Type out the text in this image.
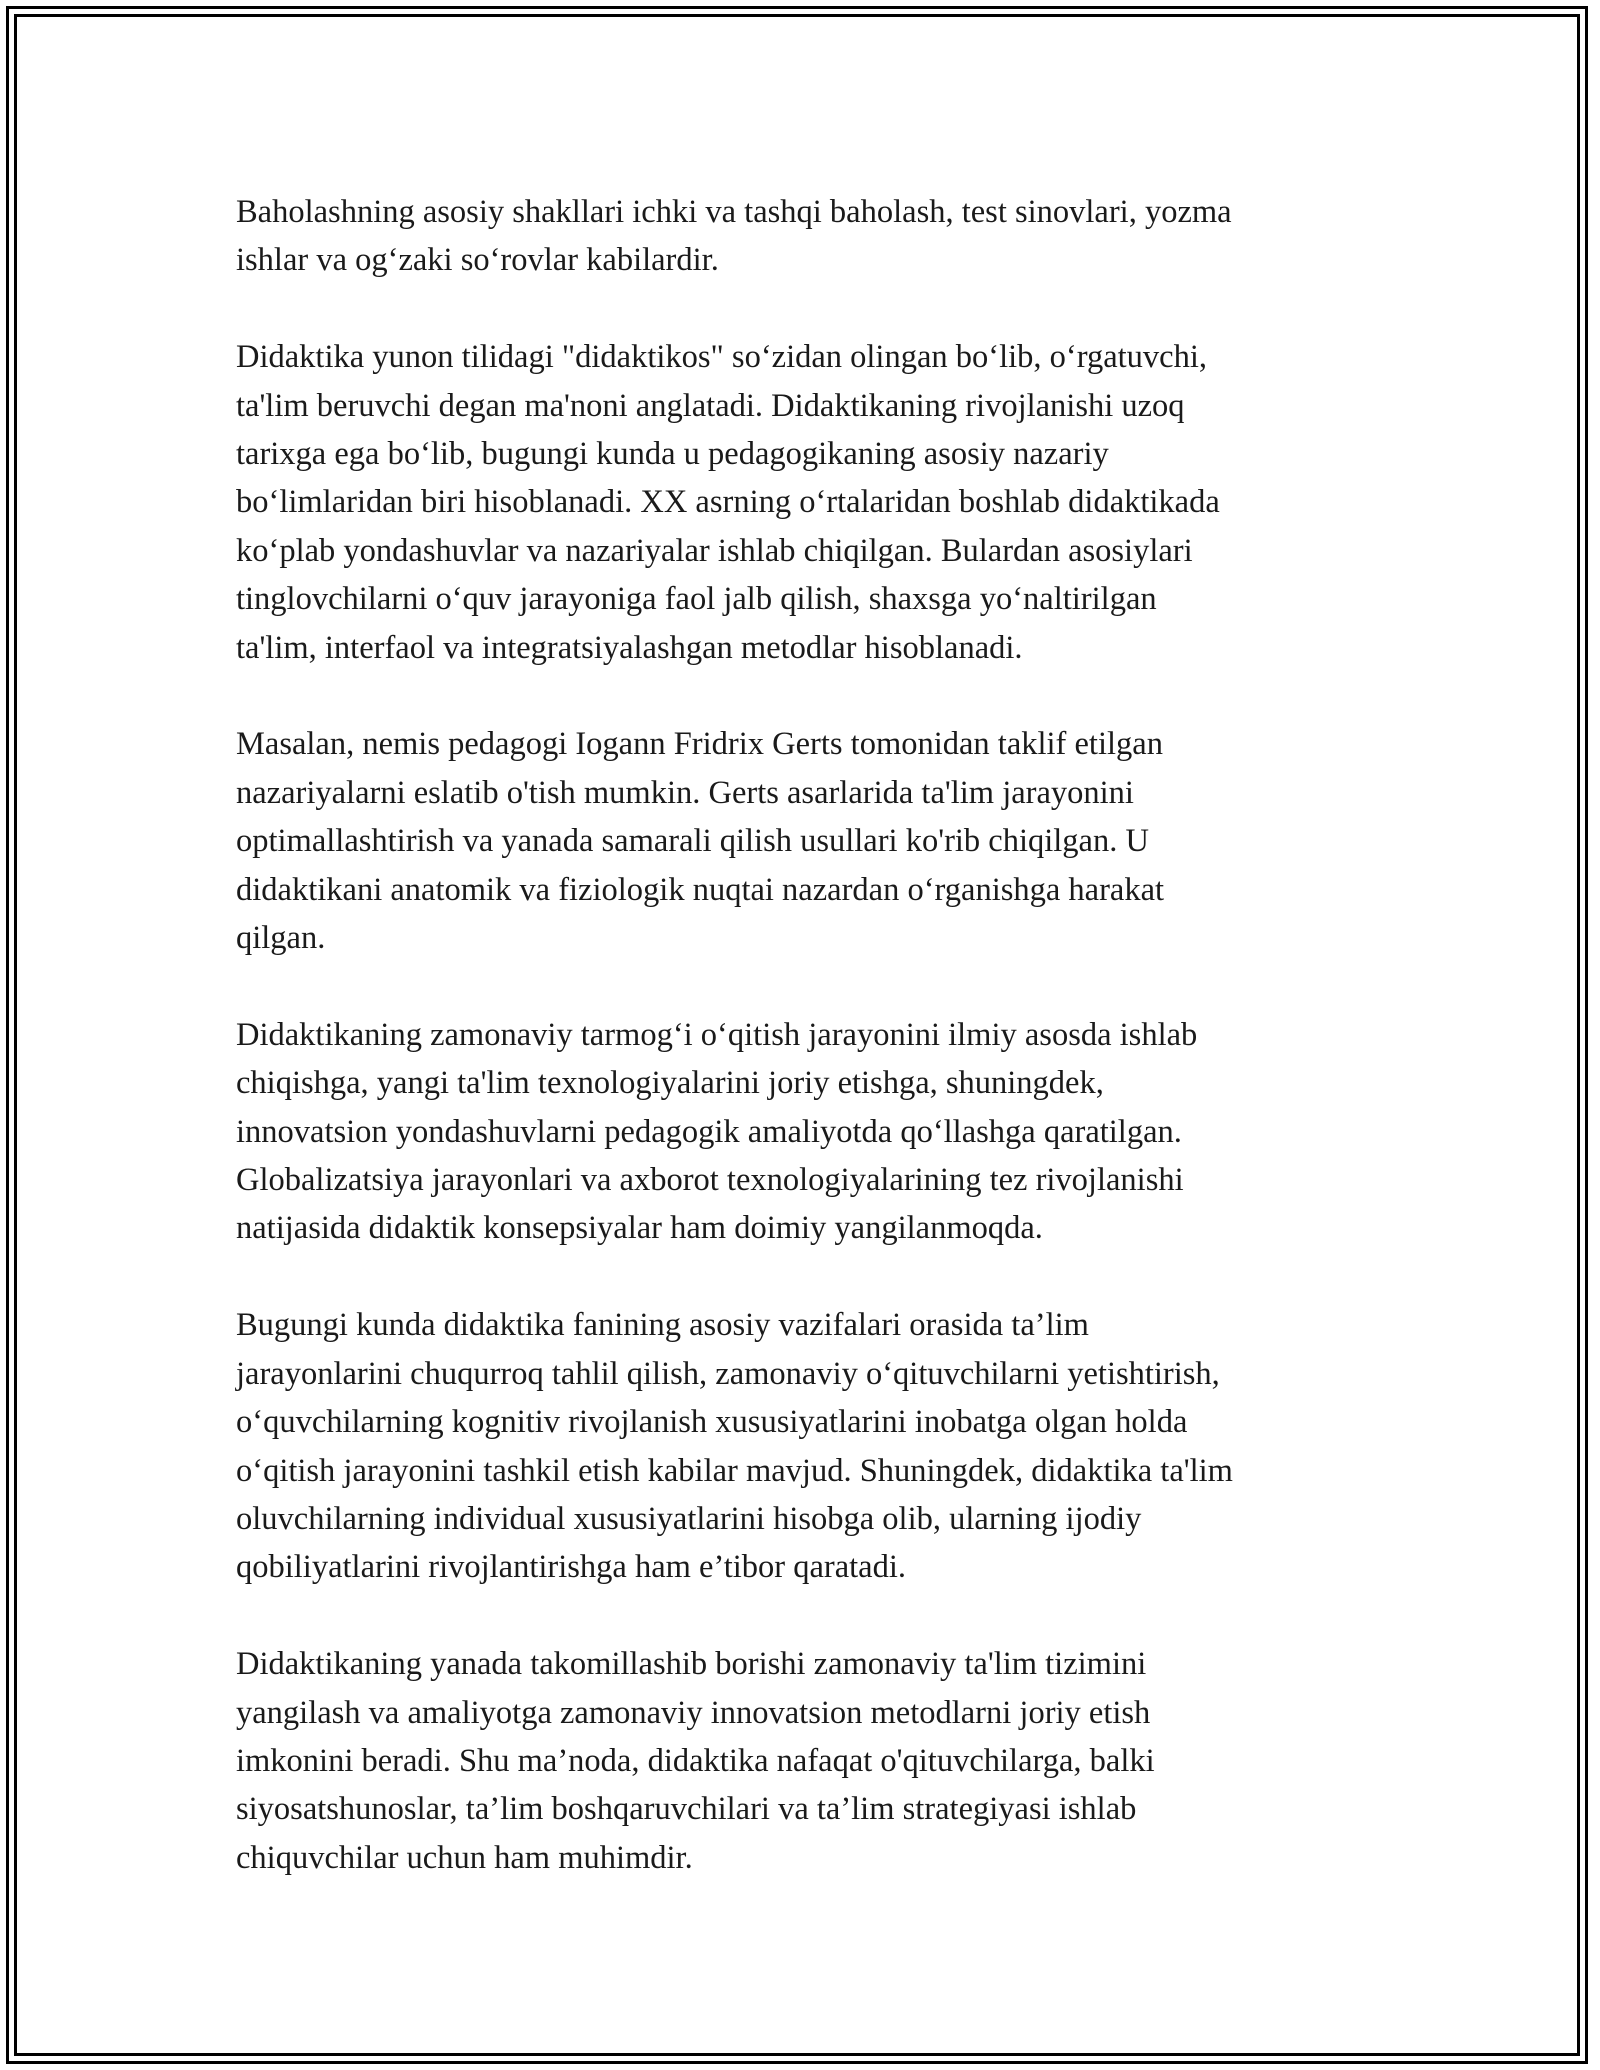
Baholashning asosiy shakllari ichki va tashqi baholash, test sinovlari, yozma
ishlar va og‘zaki so‘rovlar kabilardir.

Didaktika yunon tilidagi "didaktikos" so‘zidan olingan bo‘lib, o‘rgatuvchi,
ta'lim beruvchi degan ma'noni anglatadi. Didaktikaning rivojlanishi uzoq
tarixga ega bo‘lib, bugungi kunda u pedagogikaning asosiy nazariy
bo‘limlaridan biri hisoblanadi. XX asrning o‘rtalaridan boshlab didaktikada
ko‘plab yondashuvlar va nazariyalar ishlab chiqilgan. Bulardan asosiylari
tinglovchilarni o‘quv jarayoniga faol jalb qilish, shaxsga yo‘naltirilgan
ta'lim, interfaol va integratsiyalashgan metodlar hisoblanadi.

Masalan, nemis pedagogi Iogann Fridrix Gerts tomonidan taklif etilgan
nazariyalarni eslatib o'tish mumkin. Gerts asarlarida ta'lim jarayonini
optimallashtirish va yanada samarali qilish usullari ko'rib chiqilgan. U
didaktikani anatomik va fiziologik nuqtai nazardan o‘rganishga harakat
qilgan.

Didaktikaning zamonaviy tarmog‘i o‘qitish jarayonini ilmiy asosda ishlab
chiqishga, yangi ta'lim texnologiyalarini joriy etishga, shuningdek,
innovatsion yondashuvlarni pedagogik amaliyotda qo‘llashga qaratilgan.
Globalizatsiya jarayonlari va axborot texnologiyalarining tez rivojlanishi
natijasida didaktik konsepsiyalar ham doimiy yangilanmoqda.

Bugungi kunda didaktika fanining asosiy vazifalari orasida ta’lim
jarayonlarini chuqurroq tahlil qilish, zamonaviy o‘qituvchilarni yetishtirish,
o‘quvchilarning kognitiv rivojlanish xususiyatlarini inobatga olgan holda
o‘qitish jarayonini tashkil etish kabilar mavjud. Shuningdek, didaktika ta'lim
oluvchilarning individual xususiyatlarini hisobga olib, ularning ijodiy
qobiliyatlarini rivojlantirishga ham e’tibor qaratadi.

Didaktikaning yanada takomillashib borishi zamonaviy ta'lim tizimini
yangilash va amaliyotga zamonaviy innovatsion metodlarni joriy etish
imkonini beradi. Shu ma’noda, didaktika nafaqat o'qituvchilarga, balki
siyosatshunoslar, ta’lim boshqaruvchilari va ta’lim strategiyasi ishlab
chiquvchilar uchun ham muhimdir.
